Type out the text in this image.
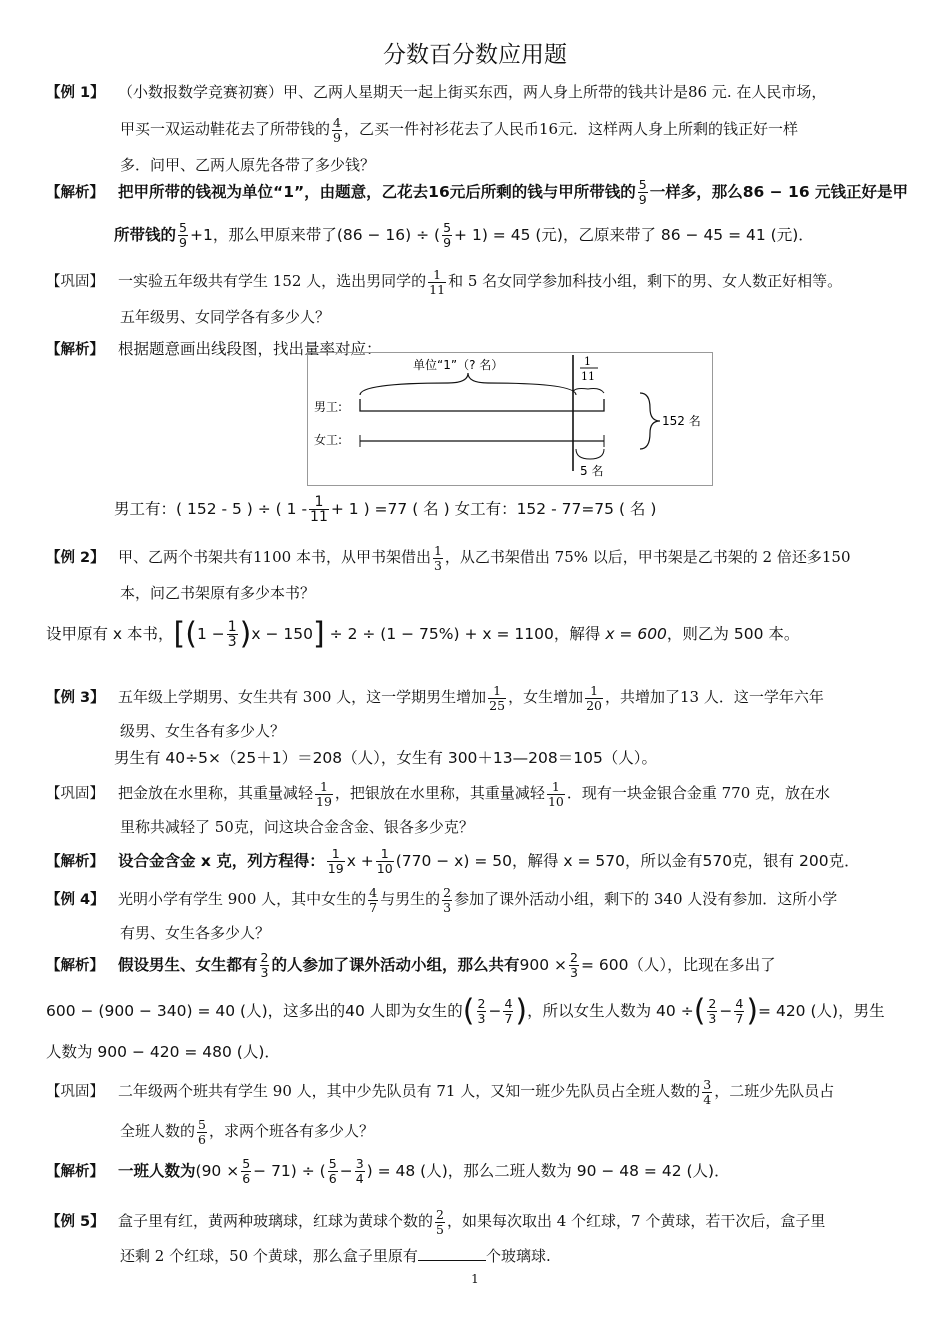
分数百分数应用题

【例 1】 （小数报数学竞赛初赛）甲、乙两人星期天一起上街买东西，两人身上所带的钱共计是86 元. 在人民市场，

甲买一双运动鞋花去了所带钱的 $\frac{4}{9}$ ，乙买一件衬衫花去了人民币16元．这样两人身上所剩的钱正好一样

多．问甲、乙两人原先各带了多少钱？

【解析】 把甲所带的钱视为单位“1”，由题意，乙花去16元后所剩的钱与甲所带钱的 $\frac{5}{9}$ 一样多，那么86 − 16 元钱正好是甲

所带钱的 $\frac{5}{9} +1$，那么甲原来带了(86 − 16) ÷ ( $\frac{5}{9} + 1) = 45$ (元)，乙原来带了 86 − 45 = 41 (元)．

【巩固】 一实验五年级共有学生 152 人，选出男同学的 $\frac{1}{11}$ 和 5 名女同学参加科技小组，剩下的男、女人数正好相等。

五年级男、女同学各有多少人？

【解析】 根据题意画出线段图，找出量率对应：

单位“1”（? 名）	1
11
男工:
女工:
5 名
152 名

男工有：( 152 - 5 ) ÷ ( $1 - \frac{1}{11} + 1$ ) =77 ( 名 ) 女工有：152 - 77=75 ( 名 )

【例 2】 甲、乙两个书架共有1100 本书，从甲书架借出 $\frac{1}{3}$ ，从乙书架借出 75% 以后，甲书架是乙书架的 2 倍还多150

本，问乙书架原有多少本书？

设甲原有 x 本书，$[(1 - \frac{1}{3} )x - 150] \div 2 \div (1 - 75\%) + x = 1100$，解得 x = 600，则乙为 500 本。

【例 3】 五年级上学期男、女生共有 300 人，这一学期男生增加 $\frac{1}{25}$ ，女生增加 $\frac{1}{20}$ ，共增加了13 人．这一学年六年

级男、女生各有多少人？

男生有 40÷5×（25＋1）＝208（人），女生有 300＋13—208＝105（人）。

【巩固】 把金放在水里称，其重量减轻 $\frac{1}{19}$ ，把银放在水里称，其重量减轻 $\frac{1}{10}$ ．现有一块金银合金重 770 克，放在水

里称共减轻了 50克，问这块合金含金、银各多少克？

【解析】 设合金含金 x 克，列方程得： $\frac{1}{19}$ $x + \frac{1}{10} (770 - x) = 50$，解得 x = 570，所以金有570克，银有 200克．

【例 4】 光明小学有学生 900 人，其中女生的 $\frac{4}{7}$ 与男生的 $\frac{2}{3}$ 参加了课外活动小组，剩下的 340 人没有参加．这所小学

有男、女生各多少人？

【解析】 假设男生、女生都有 $\frac{2}{3}$ 的人参加了课外活动小组，那么共有$900 \times \frac{2}{3} = 600$（人），比现在多出了

600 − (900 − 340) = 40 (人)，这多出的40 人即为女生的( $\frac{2}{3} - \frac{4}{7}$ )，所以女生人数为 40 ÷( $\frac{2}{3} - \frac{4}{7}$ )= 420 (人)，男生

人数为 900 − 420 = 480 (人)．

【巩固】 二年级两个班共有学生 90 人，其中少先队员有 71 人，又知一班少先队员占全班人数的 $\frac{3}{4}$ ，二班少先队员占

全班人数的 $\frac{5}{6}$ ，求两个班各有多少人？

【解析】 一班人数为$(90 \times \frac{5}{6} - 71)$ ÷ ( $\frac{5}{6} - \frac{3}{4}$ ) = 48 (人)，那么二班人数为 90 − 48 = 42 (人)．

【例 5】 盒子里有红，黄两种玻璃球，红球为黄球个数的 $\frac{2}{5}$ ，如果每次取出 4 个红球，7 个黄球，若干次后，盒子里

还剩 2 个红球，50 个黄球，那么盒子里原有	个玻璃球.

1
